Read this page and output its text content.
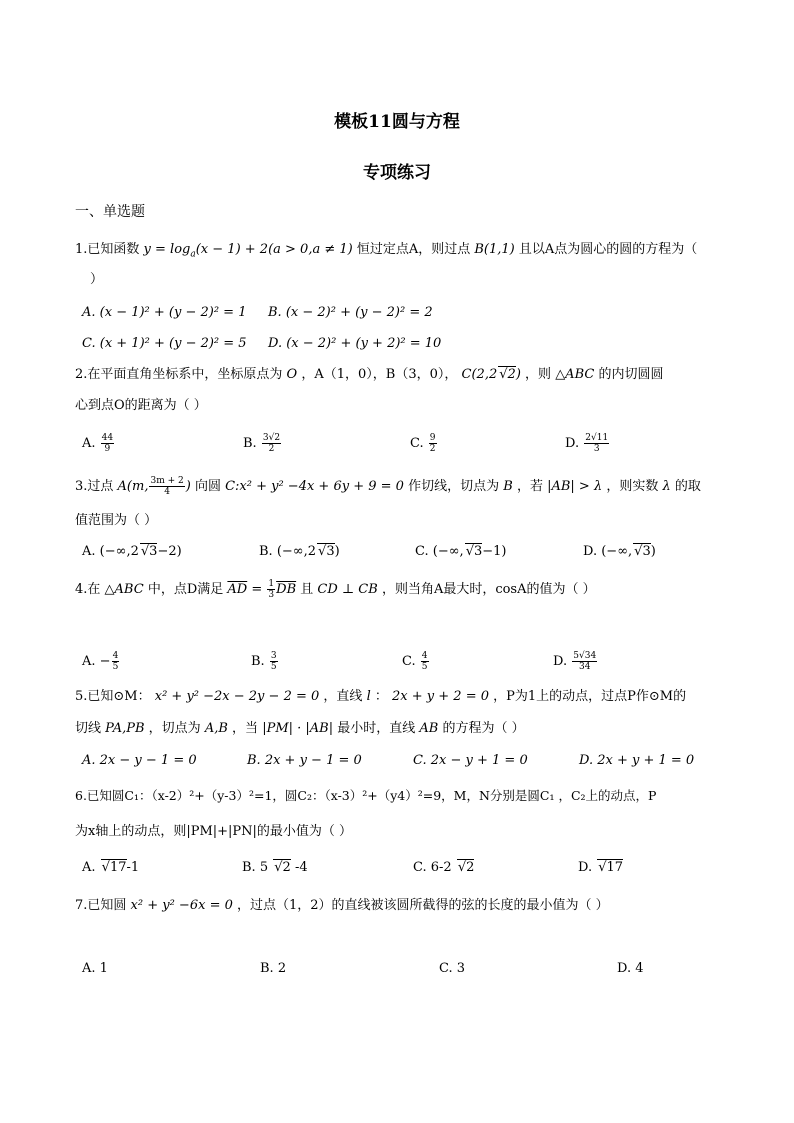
模板11圆与方程
专项练习
一、单选题
1.已知函数 $y = \log_a(x - 1) + 2(a > 0,a \ne 1)$ 恒过定点A，则过点 B(1,1) 且以A点为圆心的圆的方程为（
）
A. (x − 1)² + (y − 2)² = 1 B. (x − 2)² + (y − 2)² = 2
C. (x + 1)² + (y − 2)² = 5 D. (x − 2)² + (y + 2)² = 10
2.在平面直角坐标系中，坐标原点为 O ，A（1，0），B（3，0）， C(2,2 √2) ，则 △ABC 的内切圆圆
心到点O的距离为（ ）
A. $\frac{44}{9}$	B. $\frac{3√2}{2}$	C. $\frac{9}{2}$	D. $\frac{2√11}{3}$
3.过点 A(m, $\frac{3m + 2}{4}$ ) 向圆 C:x² + y² −4x + 6y + 9 = 0 作切线，切点为 B ，若 |AB| > λ ，则实数 λ 的取
值范围为（ ）
A. (−∞,2 √3−2)	B. (−∞,2 √3)	C. (−∞, √3−1)	D. (−∞, √3)
4.在 △ABC 中，点D满足 $\overline{AD} = \frac{1}{3} \overline{DB}$ 且 CD ⊥ CB ，则当角A最大时，cosA的值为（ ）
A. − $\frac{4}{5}$	B. $\frac{3}{5}$	C. $\frac{4}{5}$	D. $\frac{5√34}{34}$
5.已知⊙M： x² + y² −2x − 2y − 2 = 0 ，直线 l ： 2x + y + 2 = 0 ，P为1上的动点，过点P作⊙M的
切线 PA,PB ，切点为 A,B ，当 |PM| · |AB| 最小时，直线 AB 的方程为（ ）
A. 2x − y − 1 = 0	B. 2x + y − 1 = 0	C. 2x − y + 1 = 0	D. 2x + y + 1 = 0
6.已知圆C₁：（x-2）²+（y-3）²=1，圆C₂：（x-3）²+（y4）²=9，M，N分别是圆C₁ ，C₂上的动点，P
为x轴上的动点，则|PM|+|PN|的最小值为（ ）
A. √17-1	B. 5 √2 -4	C. 6-2 √2	D. √17
7.已知圆 x² + y² −6x = 0 ，过点（1，2）的直线被该圆所截得的弦的长度的最小值为（ ）
A. 1	B. 2	C. 3	D. 4
